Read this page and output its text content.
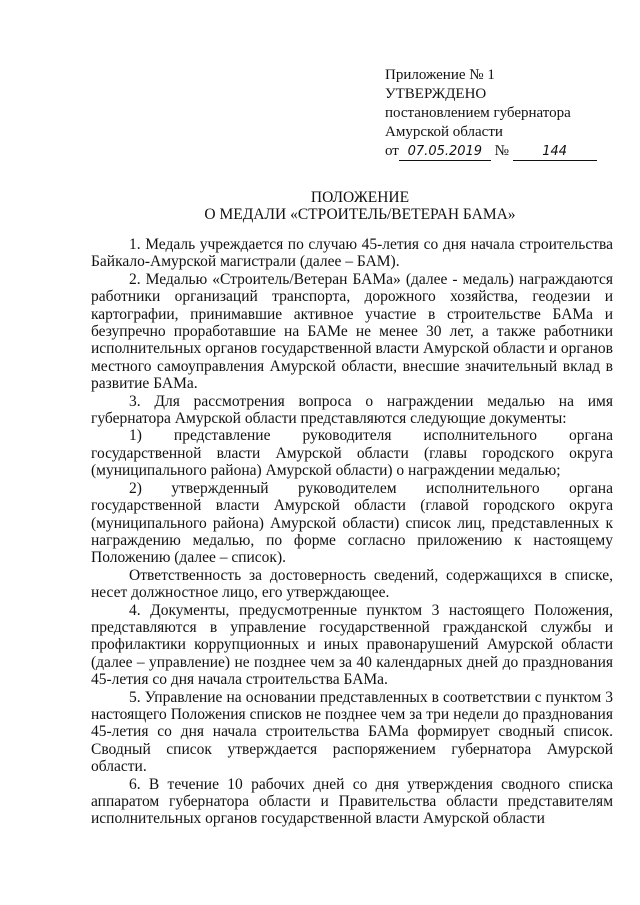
Приложение № 1
УТВЕРЖДЕНО
постановлением губернатора
Амурской области
от 07.05.2019 №	144
ПОЛОЖЕНИЕ
О МЕДАЛИ «СТРОИТЕЛЬ/ВЕТЕРАН БАМА»

1. Медаль учреждается по случаю 45-летия со дня начала строительства Байкало-Амурской магистрали (далее – БАМ).

2. Медалью «Строитель/Ветеран БАМа» (далее - медаль) награждаются работники организаций транспорта, дорожного хозяйства, геодезии и картографии, принимавшие активное участие в строительстве БАМа и безупречно проработавшие на БАМе не менее 30 лет, а также работники исполнительных органов государственной власти Амурской области и органов местного самоуправления Амурской области, внесшие значительный вклад в развитие БАМа.

3. Для рассмотрения вопроса о награждении медалью на имя губернатора Амурской области представляются следующие документы:

1) представление руководителя исполнительного органа

государственной власти Амурской области (главы городского округа (муниципального района) Амурской области) о награждении медалью;

2) утвержденный руководителем исполнительного органа

государственной власти Амурской области (главой городского округа (муниципального района) Амурской области) список лиц, представленных к награждению медалью, по форме согласно приложению к настоящему Положению (далее – список).

Ответственность за достоверность сведений, содержащихся в списке, несет должностное лицо, его утверждающее.

4. Документы, предусмотренные пунктом 3 настоящего Положения, представляются в управление государственной гражданской службы и профилактики коррупционных и иных правонарушений Амурской области (далее – управление) не позднее чем за 40 календарных дней до празднования 45-летия со дня начала строительства БАМа.

5. Управление на основании представленных в соответствии с пунктом 3 настоящего Положения списков не позднее чем за три недели до празднования 45-летия со дня начала строительства БАМа формирует сводный список. Сводный список утверждается распоряжением губернатора Амурской области.

6. В течение 10 рабочих дней со дня утверждения сводного списка аппаратом губернатора области и Правительства области представителям исполнительных органов государственной власти Амурской области
